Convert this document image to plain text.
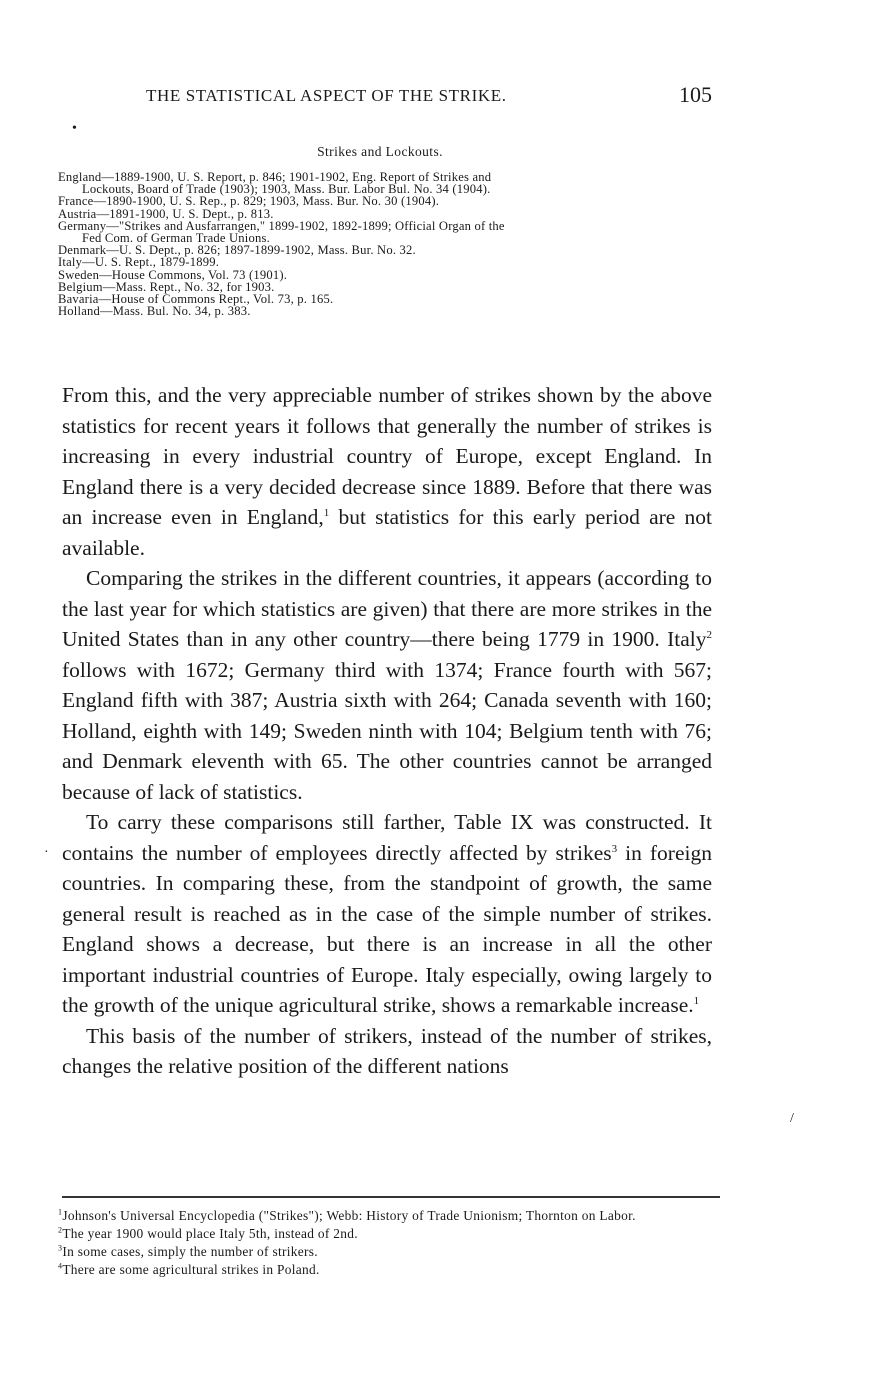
THE STATISTICAL ASPECT OF THE STRIKE.	105
•
Strikes and Lockouts.
England—1889-1900, U. S. Report, p. 846; 1901-1902, Eng. Report of Strikes and
Lockouts, Board of Trade (1903); 1903, Mass. Bur. Labor Bul. No. 34 (1904).
France—1890-1900, U. S. Rep., p. 829; 1903, Mass. Bur. No. 30 (1904).
Austria—1891-1900, U. S. Dept., p. 813.
Germany—"Strikes and Ausfarrangen," 1899-1902, 1892-1899; Official Organ of the
Fed Com. of German Trade Unions.
Denmark—U. S. Dept., p. 826; 1897-1899-1902, Mass. Bur. No. 32.
Italy—U. S. Rept., 1879-1899.
Sweden—House Commons, Vol. 73 (1901).
Belgium—Mass. Rept., No. 32, for 1903.
Bavaria—House of Commons Rept., Vol. 73, p. 165.
Holland—Mass. Bul. No. 34, p. 383.

From this, and the very appreciable number of strikes shown by the above statistics for recent years it follows that generally the number of strikes is increasing in every industrial country of Europe, except England. In England there is a very decided decrease since 1889. Before that there was an increase even in England,$^1$ but statistics for this early period are not available.

Comparing the strikes in the different countries, it appears (according to the last year for which statistics are given) that there are more strikes in the United States than in any other country—there being 1779 in 1900. Italy$^2$ follows with 1672; Germany third with 1374; France fourth with 567; England fifth with 387; Austria sixth with 264; Canada seventh with 160; Holland, eighth with 149; Sweden ninth with 104; Belgium tenth with 76; and Denmark eleventh with 65. The other countries cannot be arranged because of lack of statistics.

To carry these comparisons still farther, Table IX was constructed. It contains the number of employees directly affected by strikes$^3$ in foreign countries. In comparing these, from the standpoint of growth, the same general result is reached as in the case of the simple number of strikes. England shows a decrease, but there is an increase in all the other important industrial countries of Europe. Italy especially, owing largely to the growth of the unique agricultural strike, shows a remarkable increase.$^1$

This basis of the number of strikers, instead of the number of strikes, changes the relative position of the different nations

·
/
$^1$Johnson's Universal Encyclopedia ("Strikes"); Webb: History of Trade Unionism; Thornton on Labor.
$^2$The year 1900 would place Italy 5th, instead of 2nd.
$^3$In some cases, simply the number of strikers.
$^4$There are some agricultural strikes in Poland.
